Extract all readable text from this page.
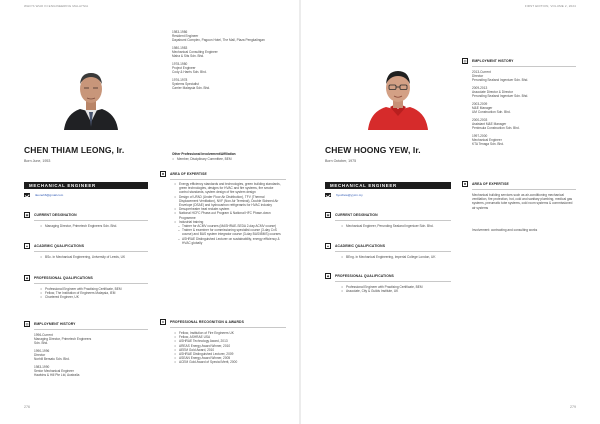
WHO'S WHO IN ENGINEERING MALAYSIA	FIRST EDITION, VOLUME 2, 2024
CHEN THIAM LEONG, Ir.
Born June, 1953
MECHANICAL ENGINEER
tleoneh6@gmail.com
▣	CURRENT DESIGNATION
• Managing Director, Primetech Engineers Sdn. Bhd.
▲	ACADEMIC QUALIFICATIONS
• BSc. in Mechanical Engineering, University of Leeds, UK
◆	PROFESSIONAL QUALIFICATIONS
• Professional Engineer with Practising Certificate, BEM
• Fellow, The Institution of Engineers Malaysia, IEM
• Chartered Engineer, UK
▥	EMPLOYMENT HISTORY
1996-Current
Managing Director, Primetech Engineers
Sdn. Bhd.
1990-1996
Director
Norhill Bersatu Sdn. Bhd.
1983-1990
Senior Mechanical Engineer
Hawkins & Hill Pte Ltd, Australia
1983-1986
Resident Engineer
Dayabumi Complex, Pagoon Hotel, The Mall, Plaza Pengkalingan
1980-1983
Mechanical Consulting Engineer
Maha & Sits Sdn. Bhd.
1978-1980
Project Engineer
Cody & Harris Sdn. Bhd.
1976-1978
Systems Specialist
Carrier Malaysia Sdn. Bhd.
Other Professional Involvement/Affiliation
• Member, Disciplinary Committee, BEM
✱	AREA OF EXPERTISE
• Energy efficiency standards and technologies, green building standards, green technologies, designs for HVAC and fire systems, fire smoke control standards, system design of fire system design
• Design of UFAD (Under Floor Air Distribution), TFV (Thermal Displacement Ventilation), NVF (Non Air Terminal), Double Skinned Air Envelope (DSAE) and hydrocarbon refrigerants for HVAC industry
• Desuperheater heat reclaim system
• National HCFC Phase-out Program & National HFC Phase-down Programme
• Industrial training
– Trainer for ACMV courses (MASHRAE-SEDA 2-day ACMV course)
– Trainer & examiner for commissioning specialist course (3-day CxS course) and BAS system integrator course (3-day BAS/iBMS) courses
– ASHRAE Distinguished Lecturer on sustainability, energy efficiency & HVAC globally
★	PROFESSIONAL RECOGNITION & AWARDS
• Fellow, Institution of Fire Engineers UK
• Fellow, ASHRAE USA
• ASHRAE Technology Award, 2013
• AREAS Energy Award Winner, 2010
• AEEM Gold Award, 2010
• ASHRAE Distinguished Lecturer, 2009
• ASEAN Energy Award Winner, 2005
• ACEM Gold Award of Special Merit, 2000
276
CHEW HOONG YEW, Ir.
Born October, 1975
MECHANICAL ENGINEER
hyochew@yycm.my
▣	CURRENT DESIGNATION
• Mechanical Engineer, Perunding Sealand Ingeniuer Sdn. Bhd.
▲	ACADEMIC QUALIFICATIONS
• BEng. in Mechanical Engineering, Imperial College London, UK
◆	PROFESSIONAL QUALIFICATIONS
• Professional Engineer with Practising Certificate, BEM
• Associate, City & Guilds Institute, UK
▥	EMPLOYMENT HISTORY
2013-Current
Director
Perunding Sealand Ingeniuer Sdn. Bhd.
2009-2013
Associate Director & Director
Perunding Sealand Ingeniuer Sdn. Bhd.
2003-2009
M&E Manager
UM Construction Sdn. Bhd.
2000-2003
Assistant M&E Manager
Peninsula Construction Sdn. Bhd.
1997-2000
Mechanical Engineer
KTA Tenaga Sdn. Bhd.
✱	AREA OF EXPERTISE
Mechanical building services such as air-conditioning mechanical ventilation, fire protection, hot, cold and sanitary plumbing, medical gas systems, pneumatic tube systems, cold room systems & commissioned air systems
Involvement: contracting and consulting works
279
